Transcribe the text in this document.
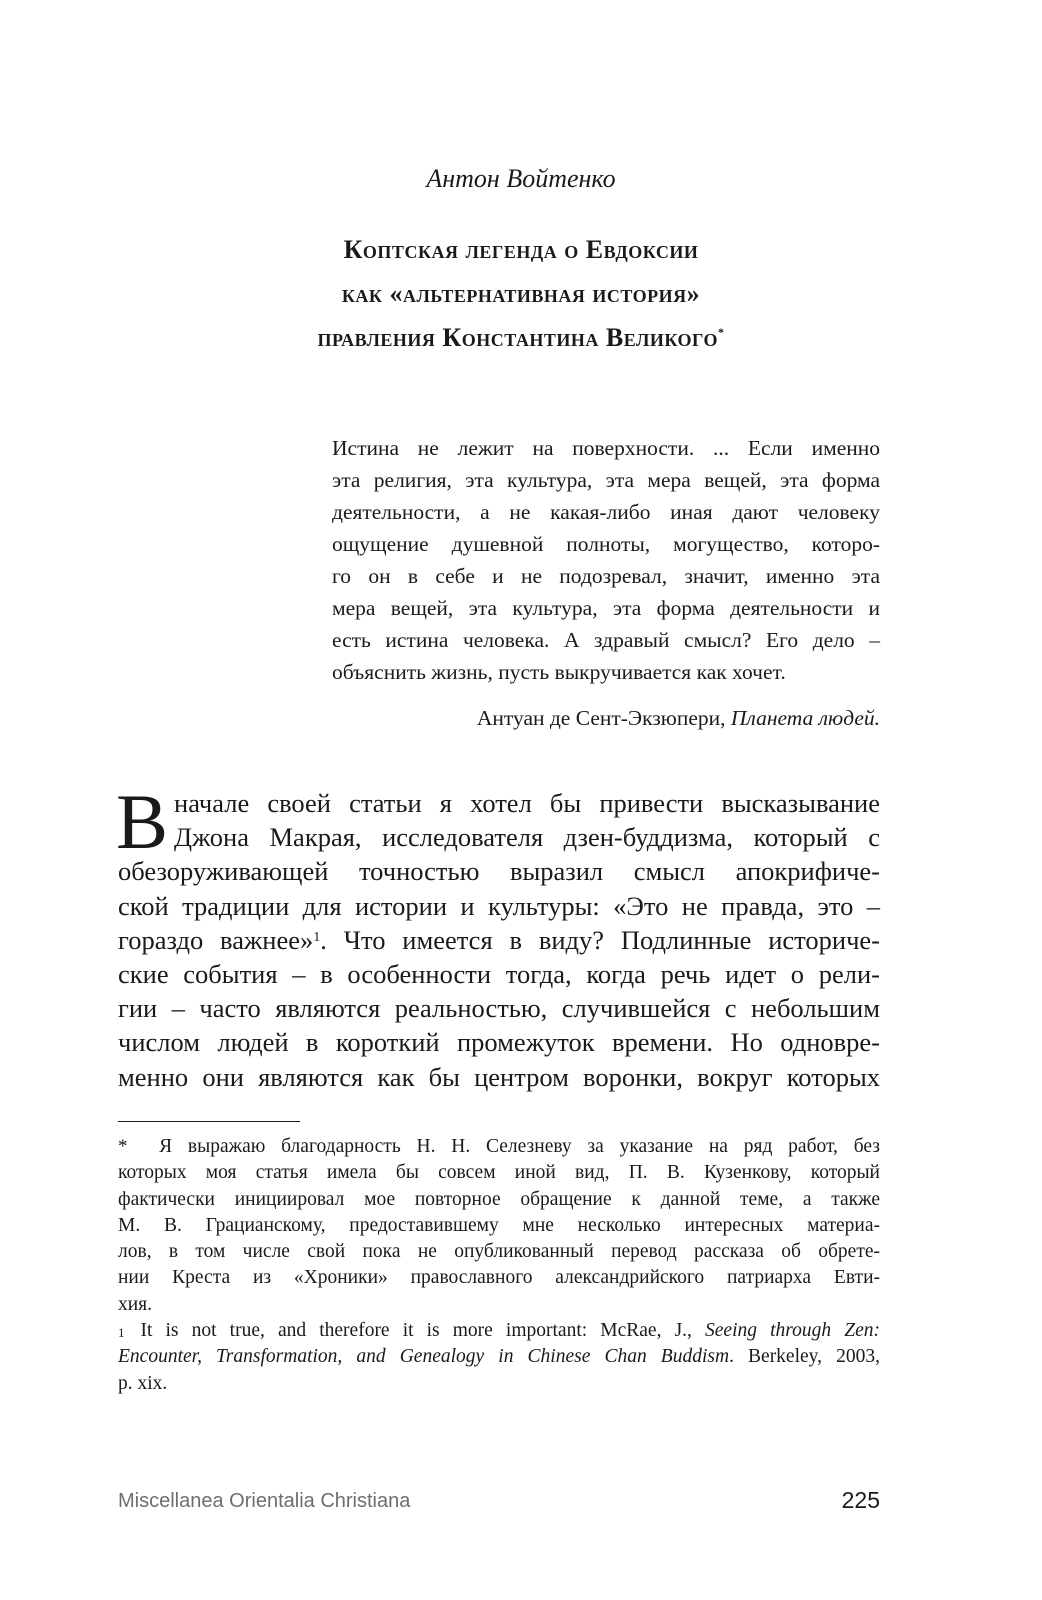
Антон Войтенко
Коптская легенда о Евдоксии
как «альтернативная история»
правления Константина Великого*
Истина не лежит на поверхности. ... Если именно
эта религия, эта культура, эта мера вещей, эта форма
деятельности, а не какая-либо иная дают человеку
ощущение душевной полноты, могущество, которо-
го он в себе и не подозревал, значит, именно эта
мера вещей, эта культура, эта форма деятельности и
есть истина человека. А здравый смысл? Его дело –
объяснить жизнь, пусть выкручивается как хочет.
Антуан де Сент-Экзюпери, Планета людей.
В начале своей статьи я хотел бы привести высказывание
Джона Макрая, исследователя дзен-буддизма, который с
обезоруживающей точностью выразил смысл апокрифиче-
ской традиции для истории и культуры: «Это не правда, это –
гораздо важнее»$^1$. Что имеется в виду? Подлинные историче-
ские события – в особенности тогда, когда речь идет о рели-
гии – часто являются реальностью, случившейся с небольшим
числом людей в короткий промежуток времени. Но одновре-
менно они являются как бы центром воронки, вокруг которых
* Я выражаю благодарность Н. Н. Селезневу за указание на ряд работ, без
которых моя статья имела бы совсем иной вид, П. В. Кузенкову, который
фактически инициировал мое повторное обращение к данной теме, а также
М. В. Грацианскому, предоставившему мне несколько интересных материа-
лов, в том числе свой пока не опубликованный перевод рассказа об обрете-
нии Креста из «Хроники» православного александрийского патриарха Евти-
хия.
$^1$ It is not true, and therefore it is more important: McRae, J., Seeing through Zen:
Encounter, Transformation, and Genealogy in Chinese Chan Buddism. Berkeley, 2003,
p. xix.
Miscellanea Orientalia Christiana	225
